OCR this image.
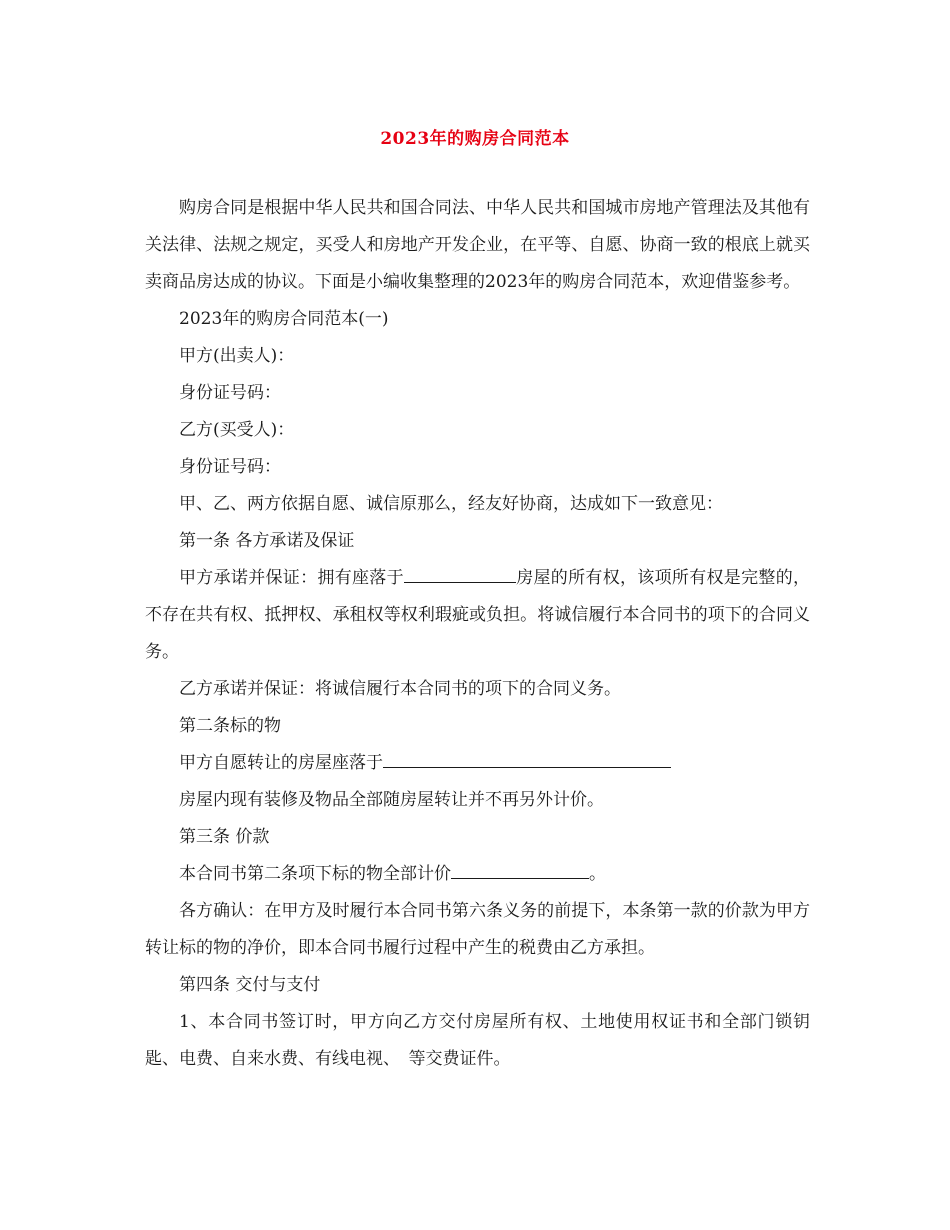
2023年的购房合同范本

购房合同是根据中华人民共和国合同法、中华人民共和国城市房地产管理法及其他有关法律、法规之规定，买受人和房地产开发企业，在平等、自愿、协商一致的根底上就买卖商品房达成的协议。下面是小编收集整理的2023年的购房合同范本，欢迎借鉴参考。

2023年的购房合同范本(一)

甲方(出卖人)：

身份证号码：

乙方(买受人)：

身份证号码：

甲、乙、两方依据自愿、诚信原那么，经友好协商，达成如下一致意见：

第一条 各方承诺及保证

甲方承诺并保证：拥有座落于	房屋的所有权，该项所有权是完整的，不存在共有权、抵押权、承租权等权利瑕疵或负担。将诚信履行本合同书的项下的合同义务。

乙方承诺并保证：将诚信履行本合同书的项下的合同义务。

第二条标的物

甲方自愿转让的房屋座落于

房屋内现有装修及物品全部随房屋转让并不再另外计价。

第三条 价款

本合同书第二条项下标的物全部计价	。

各方确认：在甲方及时履行本合同书第六条义务的前提下，本条第一款的价款为甲方转让标的物的净价，即本合同书履行过程中产生的税费由乙方承担。

第四条 交付与支付

1、本合同书签订时，甲方向乙方交付房屋所有权、土地使用权证书和全部门锁钥匙、电费、自来水费、有线电视、　等交费证件。
